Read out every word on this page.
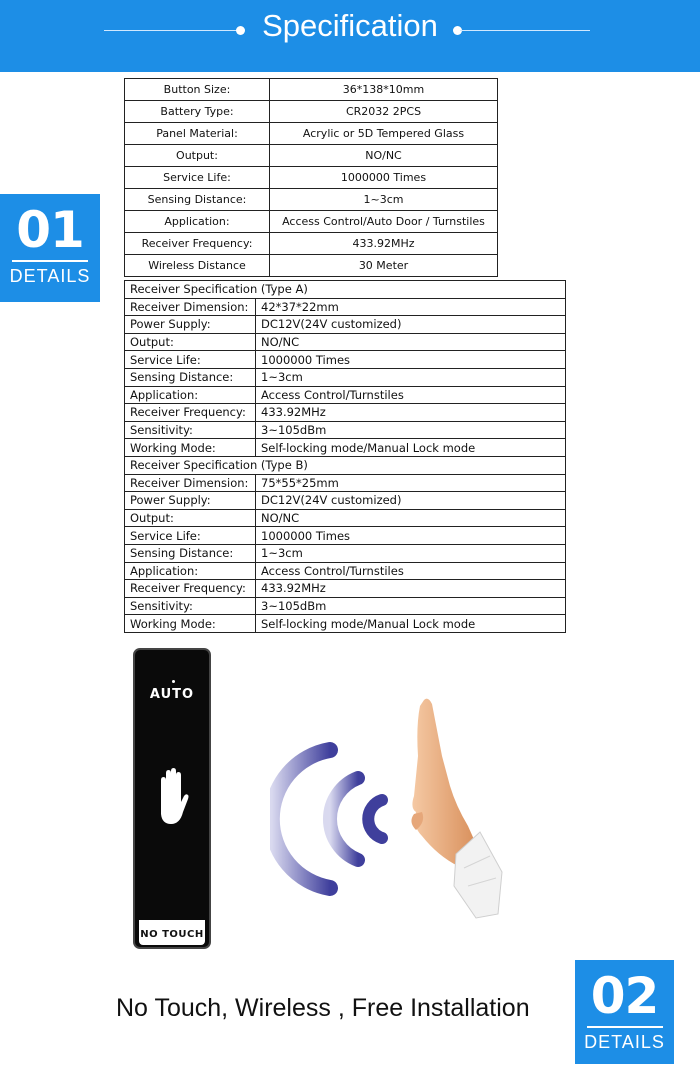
Specification
01
DETAILS
02
DETAILS
Button Size:	36*138*10mm
Battery Type:	CR2032 2PCS
Panel Material:	Acrylic or 5D Tempered Glass
Output:	NO/NC
Service Life:	1000000 Times
Sensing Distance:	1~3cm
Application:	Access Control/Auto Door / Turnstiles
Receiver Frequency:	433.92MHz
Wireless Distance	30 Meter
Receiver Specification (Type A)	
Receiver Dimension:	42*37*22mm
Power Supply:	DC12V(24V customized)
Output:	NO/NC
Service Life:	1000000 Times
Sensing Distance:	1~3cm
Application:	Access Control/Turnstiles
Receiver Frequency:	433.92MHz
Sensitivity:	3~105dBm
Working Mode:	Self-locking mode/Manual Lock mode
Receiver Specification (Type B)	
Receiver Dimension:	75*55*25mm
Power Supply:	DC12V(24V customized)
Output:	NO/NC
Service Life:	1000000 Times
Sensing Distance:	1~3cm
Application:	Access Control/Turnstiles
Receiver Frequency:	433.92MHz
Sensitivity:	3~105dBm
Working Mode:	Self-locking mode/Manual Lock mode
AUTO
NO TOUCH
No Touch, Wireless , Free Installation
